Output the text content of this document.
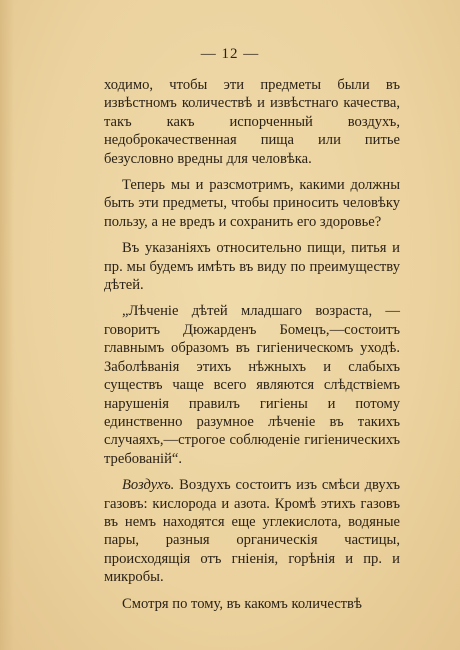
— 12 —

ходимо, чтобы эти предметы были въ извѣстномъ количествѣ и извѣстнаго качества, такъ какъ испорченный воздухъ, недоброкачественная пища или питье безусловно вредны для человѣка.

Теперь мы и разсмотримъ, какими должны быть эти предметы, чтобы приносить человѣку пользу, а не вредъ и сохранить его здоровье?

Въ указаніяхъ относительно пищи, питья и пр. мы будемъ имѣть въ виду по преимуществу дѣтей.

„Лѣченіе дѣтей младшаго возраста, — говоритъ Дюжарденъ Бомецъ,—состоитъ главнымъ образомъ въ гигіеническомъ уходѣ. Заболѣванія этихъ нѣжныхъ и слабыхъ существъ чаще всего являются слѣдствіемъ нарушенія правилъ гигіены и потому единственно разумное лѣченіе въ такихъ случаяхъ,—строгое соблюденіе гигіеническихъ требованій“.

Воздухъ. Воздухъ состоитъ изъ смѣси двухъ газовъ: кислорода и азота. Кромѣ этихъ газовъ въ немъ находятся еще углекислота, водяные пары, разныя органическія частицы, происходящія отъ гніенія, горѣнія и пр. и микробы.

Смотря по тому, въ какомъ количествѣ
